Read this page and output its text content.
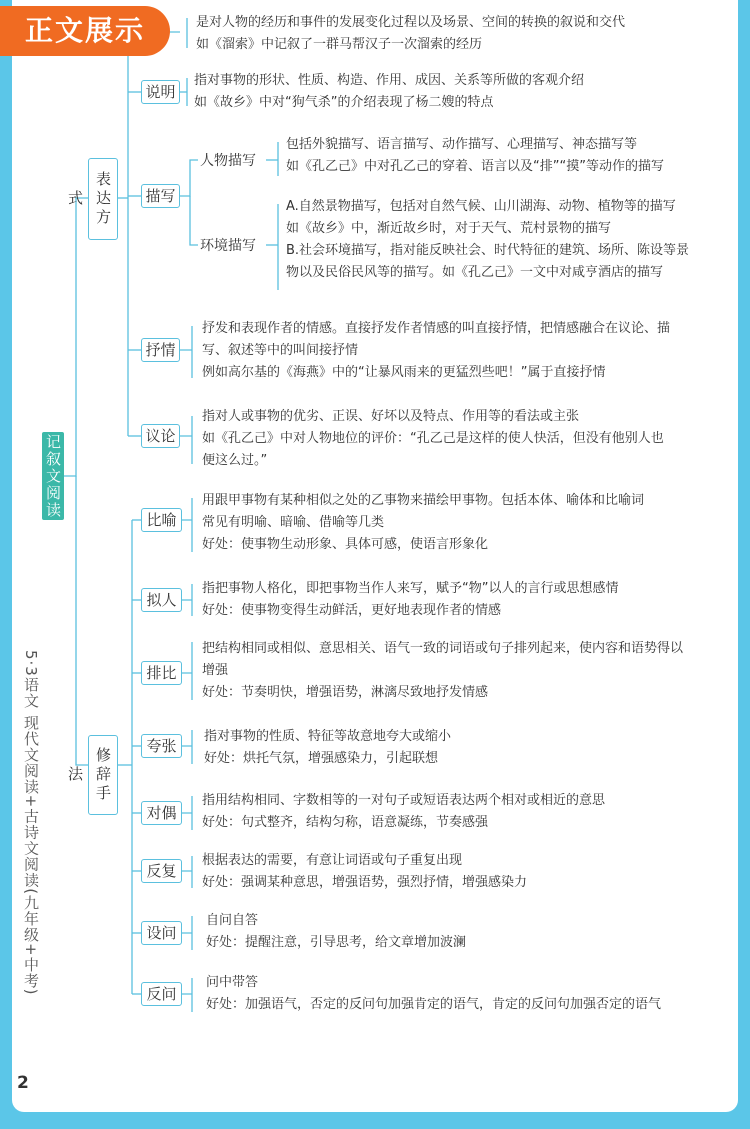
正文展示
记叙文阅读
5·3语文 现代文阅读+古诗文阅读(九年级+中考)
2
表达方式
修辞手法
是对人物的经历和事件的发展变化过程以及场景、空间的转换的叙说和交代
如《溜索》中记叙了一群马帮汉子一次溜索的经历
说明
指对事物的形状、性质、构造、作用、成因、关系等所做的客观介绍
如《故乡》中对“狗气杀”的介绍表现了杨二嫂的特点
描写
人物描写
包括外貌描写、语言描写、动作描写、心理描写、神态描写等
如《孔乙己》中对孔乙己的穿着、语言以及“排”“摸”等动作的描写
环境描写
A.自然景物描写，包括对自然气候、山川湖海、动物、植物等的描写
如《故乡》中，渐近故乡时，对于天气、荒村景物的描写
B.社会环境描写，指对能反映社会、时代特征的建筑、场所、陈设等景
物以及民俗民风等的描写。如《孔乙己》一文中对咸亨酒店的描写
抒情
抒发和表现作者的情感。直接抒发作者情感的叫直接抒情，把情感融合在议论、描
写、叙述等中的叫间接抒情
例如高尔基的《海燕》中的“让暴风雨来的更猛烈些吧！”属于直接抒情
议论
指对人或事物的优劣、正误、好坏以及特点、作用等的看法或主张
如《孔乙己》中对人物地位的评价：“孔乙己是这样的使人快活，但没有他别人也
便这么过。”
比喻
用跟甲事物有某种相似之处的乙事物来描绘甲事物。包括本体、喻体和比喻词
常见有明喻、暗喻、借喻等几类
好处：使事物生动形象、具体可感，使语言形象化
拟人
指把事物人格化，即把事物当作人来写，赋予“物”以人的言行或思想感情
好处：使事物变得生动鲜活，更好地表现作者的情感
排比
把结构相同或相似、意思相关、语气一致的词语或句子排列起来，使内容和语势得以
增强
好处：节奏明快，增强语势，淋漓尽致地抒发情感
夸张
指对事物的性质、特征等故意地夸大或缩小
好处：烘托气氛，增强感染力，引起联想
对偶
指用结构相同、字数相等的一对句子或短语表达两个相对或相近的意思
好处：句式整齐，结构匀称，语意凝练，节奏感强
反复
根据表达的需要，有意让词语或句子重复出现
好处：强调某种意思，增强语势，强烈抒情，增强感染力
设问
自问自答
好处：提醒注意，引导思考，给文章增加波澜
反问
问中带答
好处：加强语气，否定的反问句加强肯定的语气，肯定的反问句加强否定的语气
